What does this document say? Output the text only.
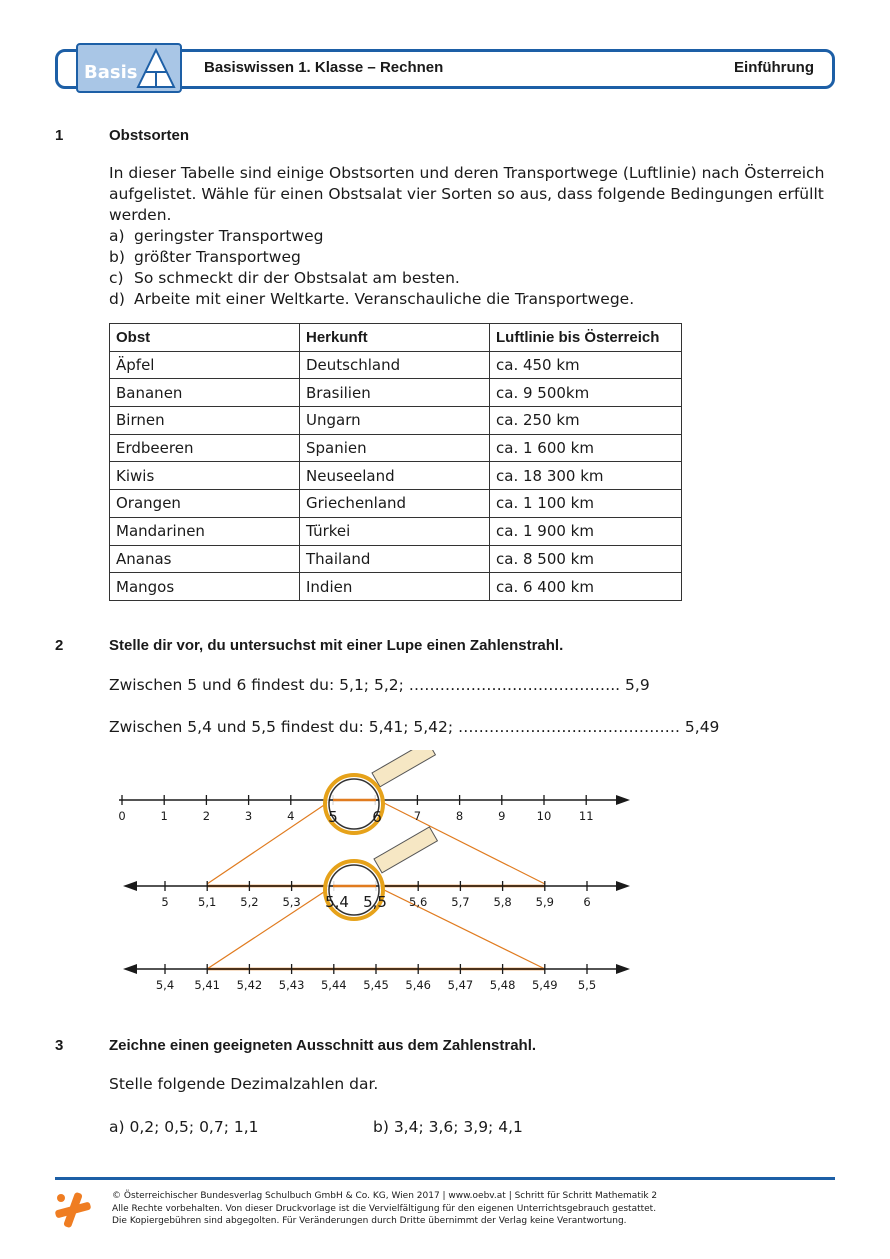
Basis	Basiswissen 1. Klasse – Rechnen	Einführung
1	Obstsorten
In dieser Tabelle sind einige Obstsorten und deren Transportwege (Luftlinie) nach Österreich
aufgelistet. Wähle für einen Obstsalat vier Sorten so aus, dass folgende Bedingungen erfüllt
werden.
a) geringster Transportweg
b) größter Transportweg
c) So schmeckt dir der Obstsalat am besten.
d) Arbeite mit einer Weltkarte. Veranschauliche die Transportwege.
Obst	Herkunft	Luftlinie bis Österreich
Äpfel	Deutschland	ca. 450 km
Bananen	Brasilien	ca. 9 500km
Birnen	Ungarn	ca. 250 km
Erdbeeren	Spanien	ca. 1 600 km
Kiwis	Neuseeland	ca. 18 300 km
Orangen	Griechenland	ca. 1 100 km
Mandarinen	Türkei	ca. 1 900 km
Ananas	Thailand	ca. 8 500 km
Mangos	Indien	ca. 6 400 km
2	Stelle dir vor, du untersuchst mit einer Lupe einen Zahlenstrahl.
Zwischen 5 und 6 findest du: 5,1; 5,2; ………………………………….. 5,9
Zwischen 5,4 und 5,5 findest du: 5,41; 5,42; ……………………………………. 5,49
0	1	2	3	4	7	8	9	10 11
5	5,1 5,2 5,3	5,6 5,7 5,8 5,9	6
5,4 5,41 5,42 5,43 5,44 5,45 5,46 5,47 5,48 5,49 5,5
5 6
5,4 5,5
3	Zeichne einen geeigneten Ausschnitt aus dem Zahlenstrahl.
Stelle folgende Dezimalzahlen dar.
a) 0,2; 0,5; 0,7; 1,1	b) 3,4; 3,6; 3,9; 4,1
© Österreichischer Bundesverlag Schulbuch GmbH & Co. KG, Wien 2017 | www.oebv.at | Schritt für Schritt Mathematik 2
Alle Rechte vorbehalten. Von dieser Druckvorlage ist die Vervielfältigung für den eigenen Unterrichtsgebrauch gestattet.
Die Kopiergebühren sind abgegolten. Für Veränderungen durch Dritte übernimmt der Verlag keine Verantwortung.
